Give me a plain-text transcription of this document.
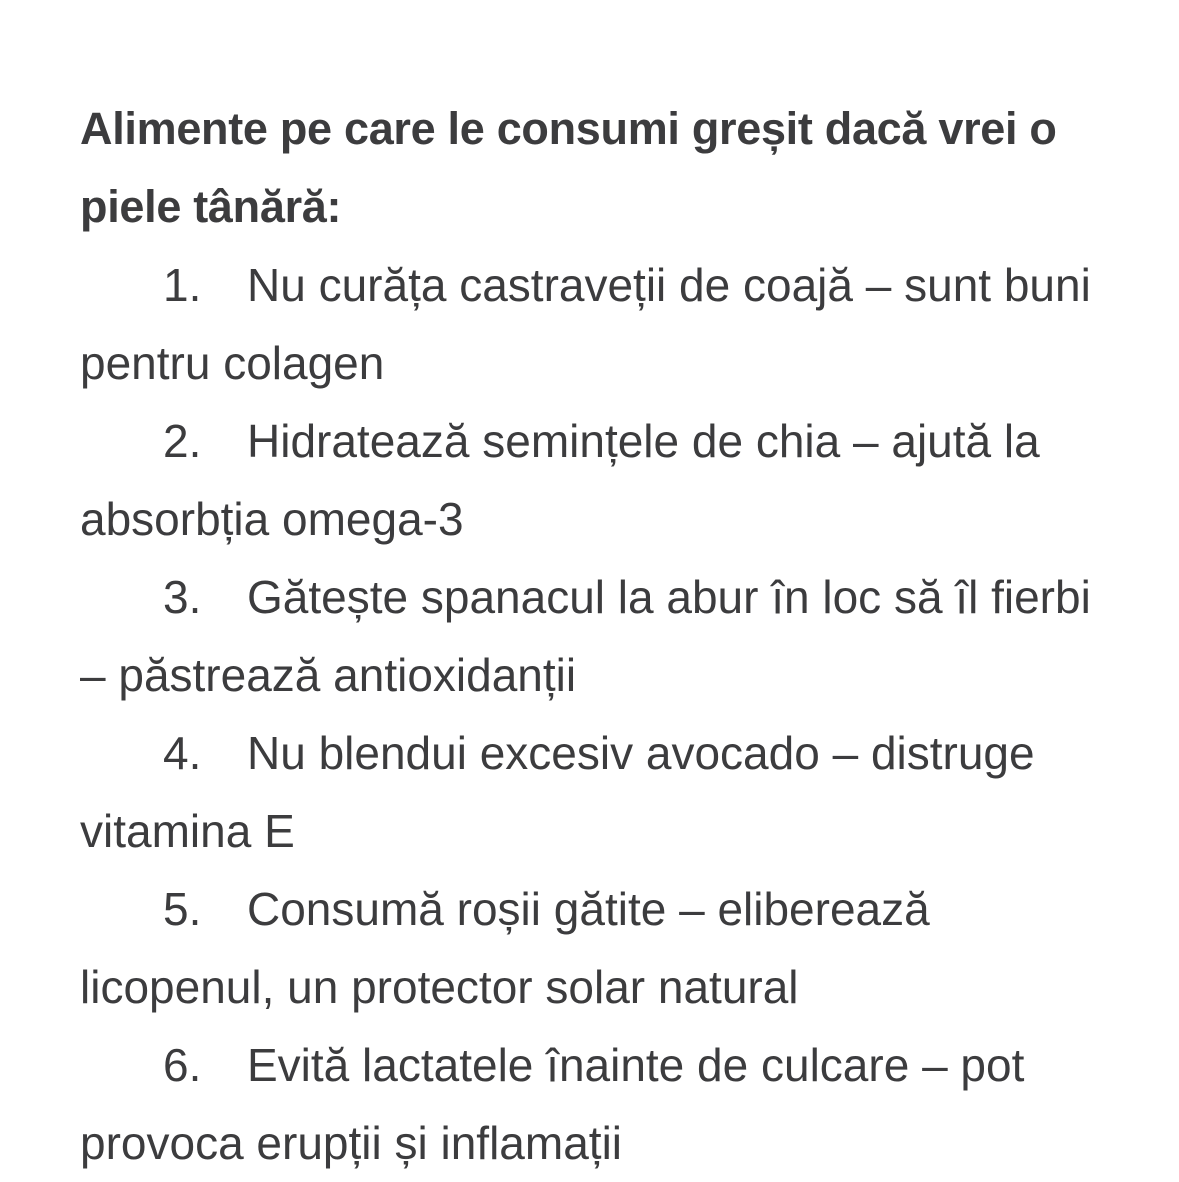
Alimente pe care le consumi greșit dacă vrei o piele tânără:

1. Nu curăța castraveții de coajă – sunt buni pentru colagen
2. Hidratează semințele de chia – ajută la absorbția omega-3
3. Gătește spanacul la abur în loc să îl fierbi – păstrează antioxidanții
4. Nu blendui excesiv avocado – distruge vitamina E
5. Consumă roșii gătite – eliberează licopenul, un protector solar natural
6. Evită lactatele înainte de culcare – pot provoca erupții și inflamații
